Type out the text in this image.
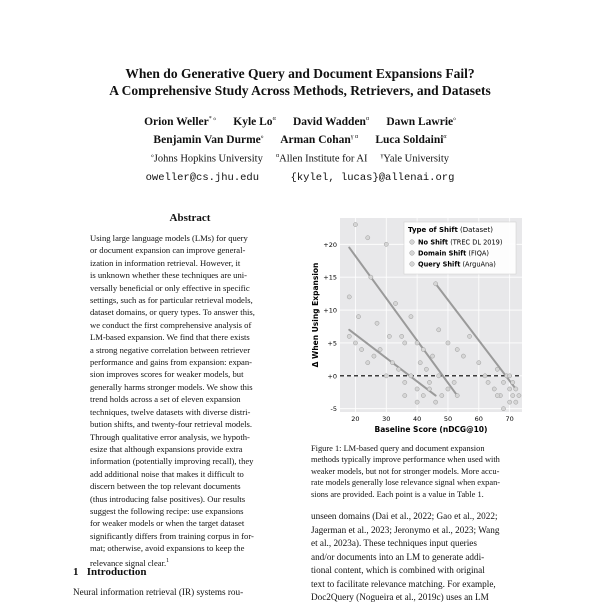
When do Generative Query and Document Expansions Fail?
A Comprehensive Study Across Methods, Retrievers, and Datasets
Orion Weller$^{* ℴ}$ Kyle $Lo^\alpha$ David Wadden$^\alpha$ Dawn Lawrie$^ℴ$
Benjamin Van Durme$^ℴ$ Arman Cohan$^{\gamma \alpha}$ Luca Soldaini$^\alpha$
$^ℴ$Johns Hopkins University $^\alpha$Allen Institute for AI $^\gamma$Yale University
oweller@cs.jhu.edu	{kylel, lucas}@allenai.org
Abstract

Using large language models (LMs) for query

or document expansion can improve general-

ization in information retrieval. However, it

is unknown whether these techniques are uni-

versally beneficial or only effective in specific

settings, such as for particular retrieval models,

dataset domains, or query types. To answer this,

we conduct the first comprehensive analysis of

LM-based expansion. We find that there exists

a strong negative correlation between retriever

performance and gains from expansion: expan-

sion improves scores for weaker models, but

generally harms stronger models. We show this

trend holds across a set of eleven expansion

techniques, twelve datasets with diverse distri-

bution shifts, and twenty-four retrieval models.

Through qualitative error analysis, we hypoth-

esize that although expansions provide extra

information (potentially improving recall), they

add additional noise that makes it difficult to

discern between the top relevant documents

(thus introducing false positives). Our results

suggest the following recipe: use expansions

for weaker models or when the target dataset

significantly differs from training corpus in for-

mat; otherwise, avoid expansions to keep the

relevance signal clear.$^1$

1 Introduction
Neural information retrieval (IR) systems rou-
-5
+0
+5
+10
+15
+20
20	30	40	50	60	70
Baseline Score (nDCG@10)
Δ When Using Expansion
Type of Shift (Dataset)
No Shift (TREC DL 2019)
Domain Shift (FIQA)
Query Shift (ArguAna)
Figure 1: LM-based query and document expansion
methods typically improve performance when used with
weaker models, but not for stronger models. More accu-
rate models generally lose relevance signal when expan-
sions are provided. Each point is a value in Table 1.

unseen domains (Dai et al., 2022; Gao et al., 2022;

Jagerman et al., 2023; Jeronymo et al., 2023; Wang

et al., 2023a). These techniques input queries

and/or documents into an LM to generate addi-

tional content, which is combined with original

text to facilitate relevance matching. For example,

Doc2Query (Nogueira et al., 2019c) uses an LM
